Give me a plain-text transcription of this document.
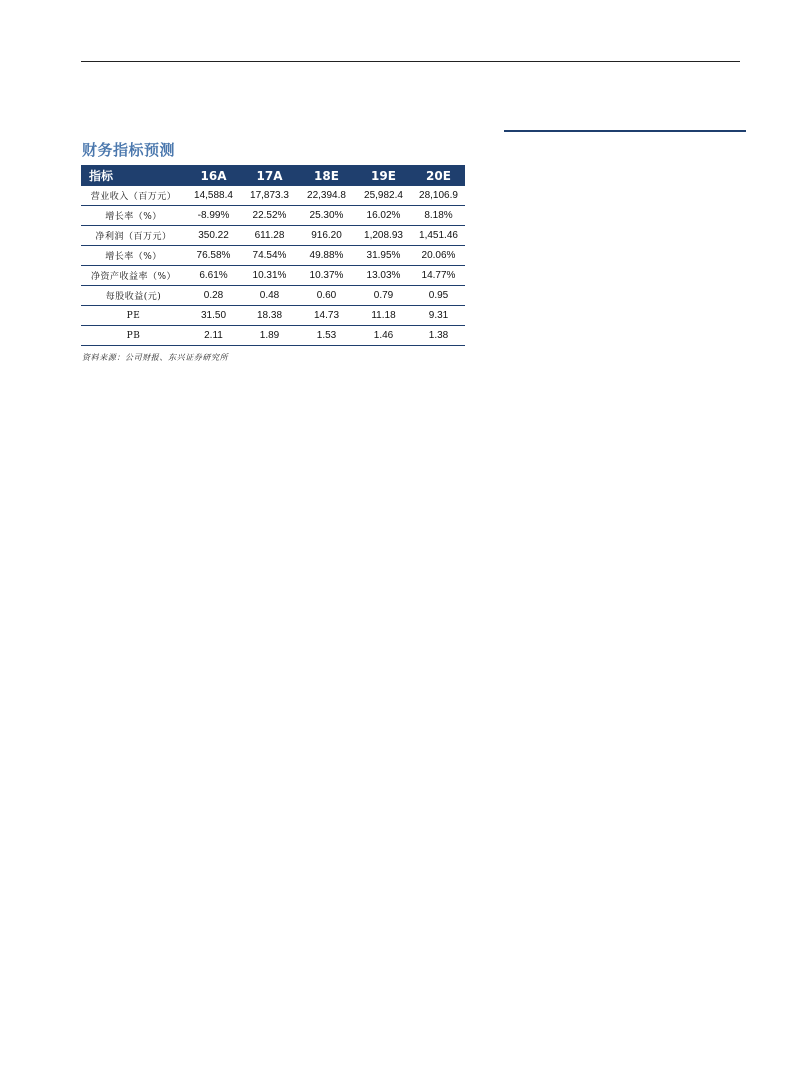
财务指标预测
指标	16A	17A	18E	19E	20E
营业收入（百万元）	14,588.4	17,873.3	22,394.8	25,982.4	28,106.9
增长率（%）	-8.99%	22.52%	25.30%	16.02%	8.18%
净利润（百万元）	350.22	611.28	916.20	1,208.93	1,451.46
增长率（%）	76.58%	74.54%	49.88%	31.95%	20.06%
净资产收益率（%）	6.61%	10.31%	10.37%	13.03%	14.77%
每股收益(元)	0.28	0.48	0.60	0.79	0.95
PE	31.50	18.38	14.73	11.18	9.31
PB	2.11	1.89	1.53	1.46	1.38
资料来源：公司财报、东兴证券研究所
